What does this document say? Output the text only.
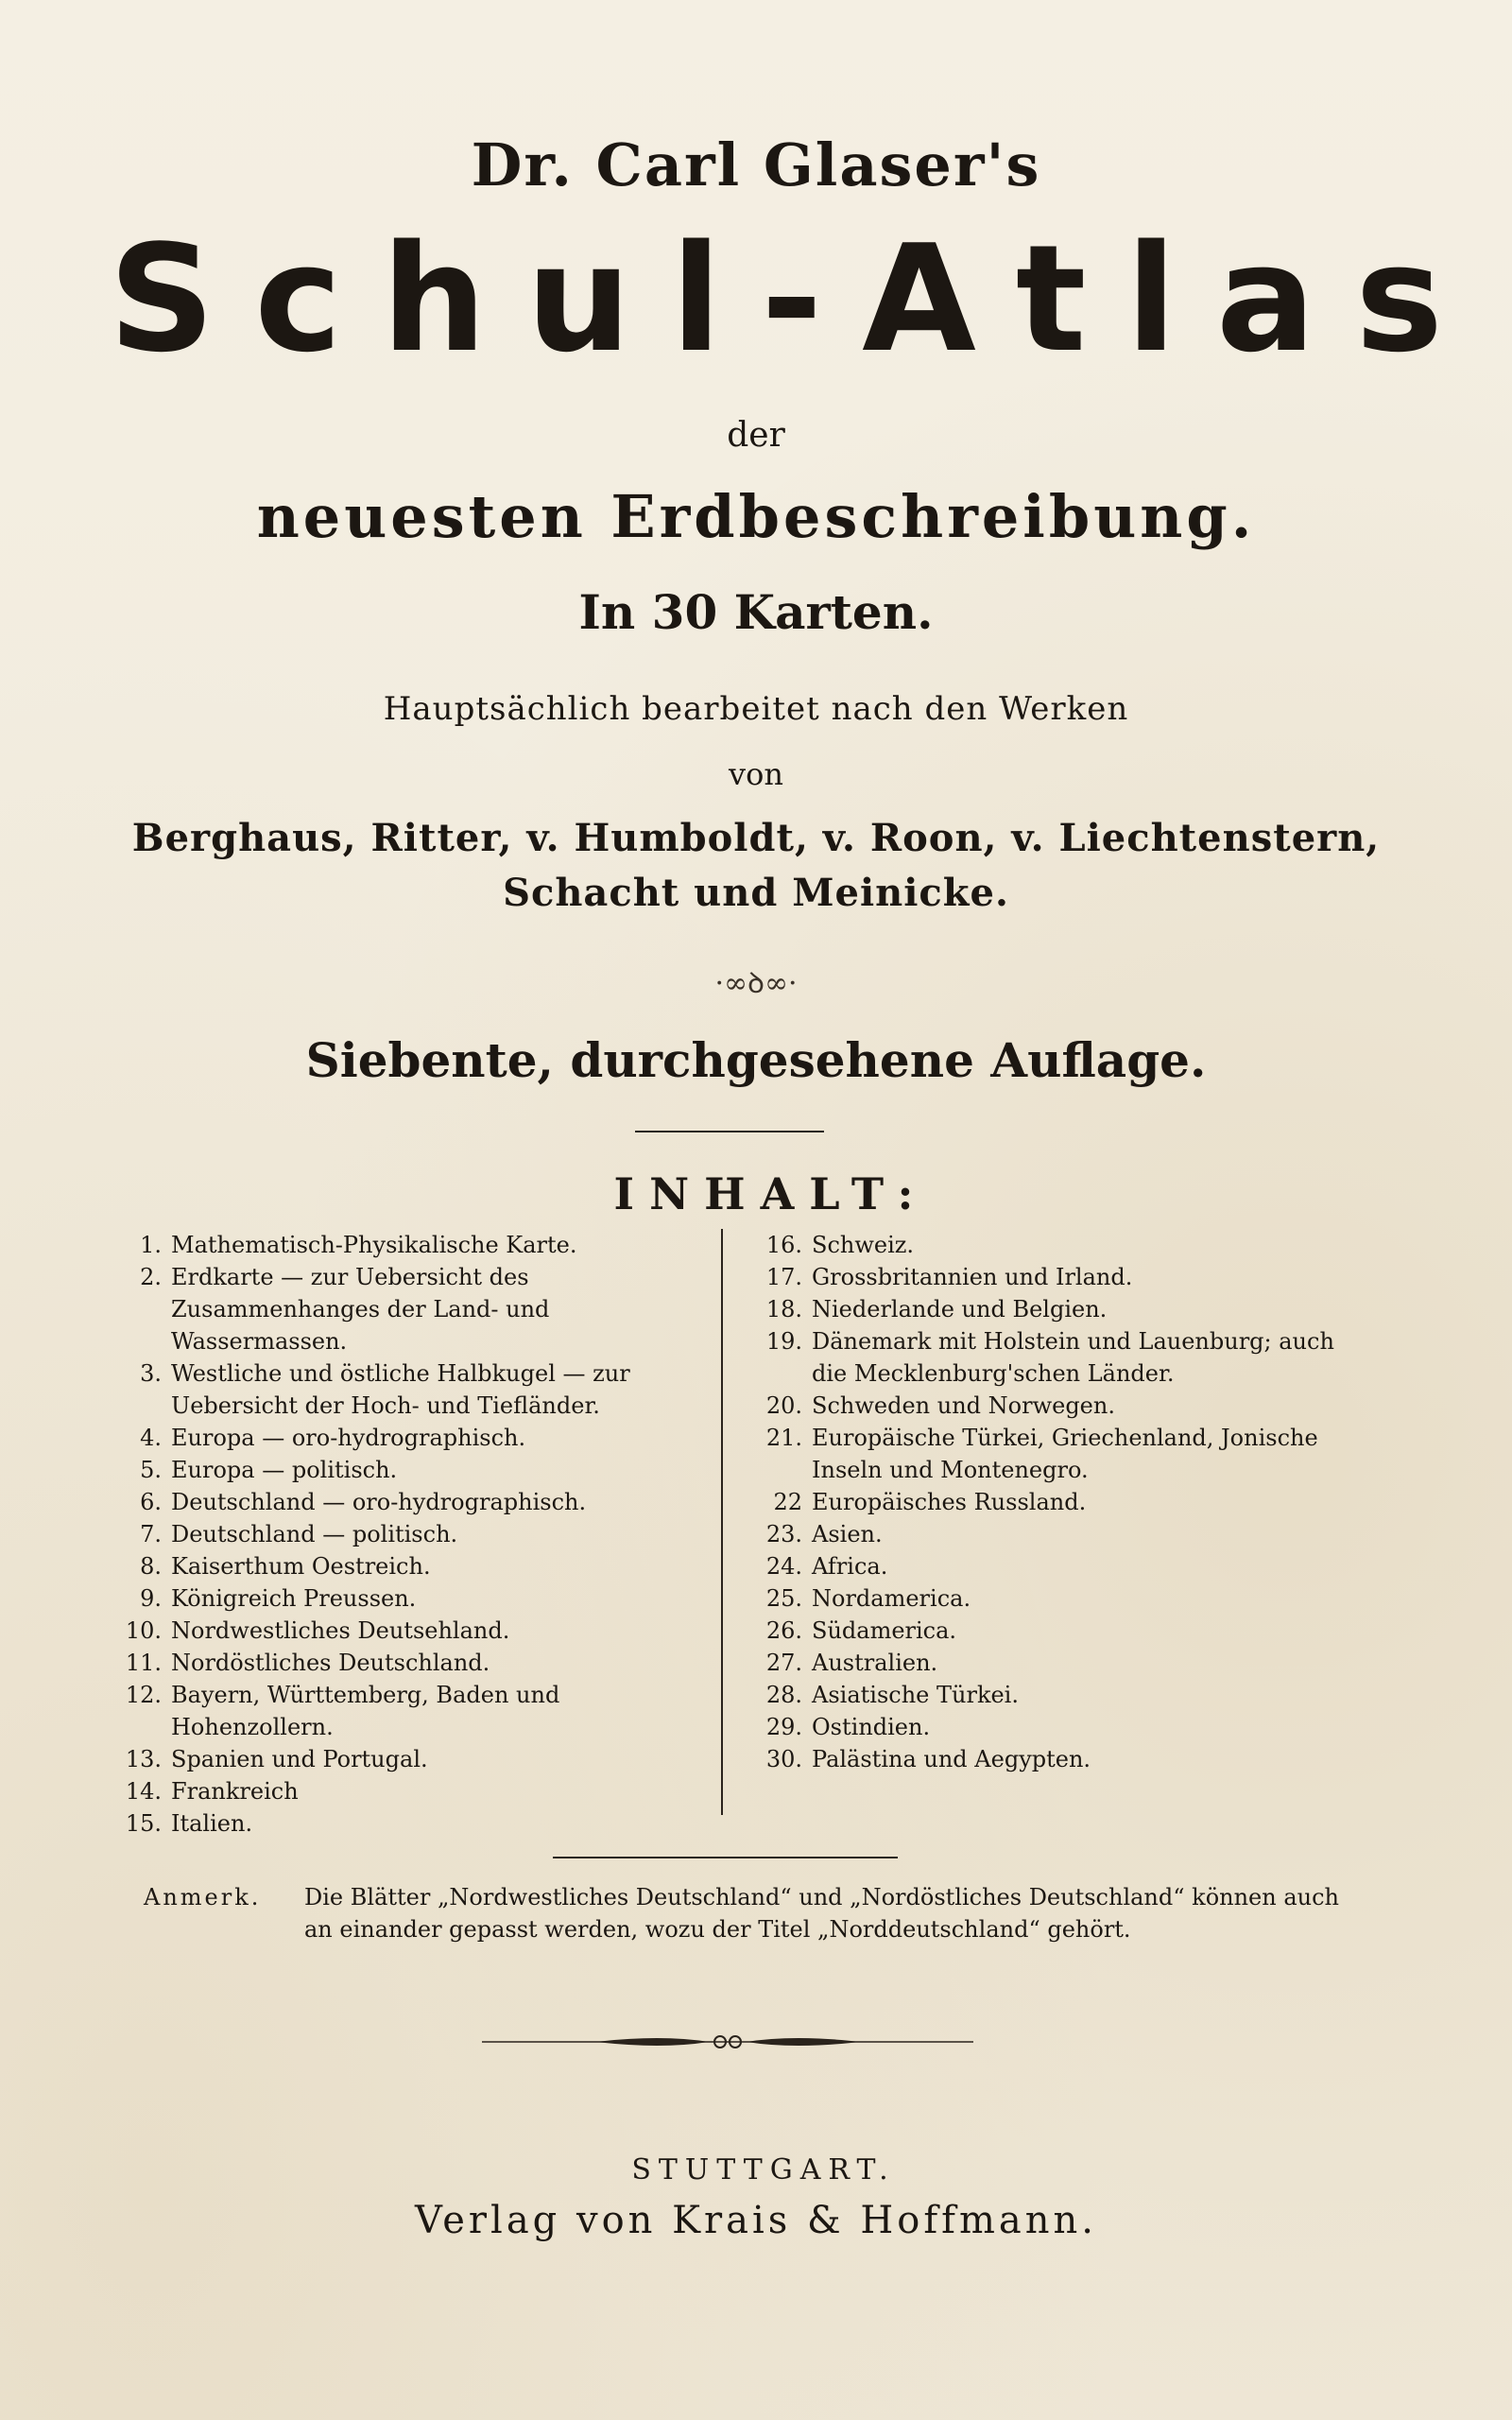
Dr. Carl Glaser's
Schul-Atlas
der
neuesten Erdbeschreibung.
In 30 Karten.
Hauptsächlich bearbeitet nach den Werken
von
Berghaus, Ritter, v. Humboldt, v. Roon, v. Liechtenstern, Schacht und Meinicke.
·∞ꝺ∞·
Siebente, durchgesehene Auflage.
INHALT:
1. Mathematisch-Physikalische Karte.
2. Erdkarte — zur Uebersicht des Zusammenhanges der Land- und Wassermassen.
3. Westliche und östliche Halbkugel — zur Uebersicht der Hoch- und Tiefländer.
4. Europa — oro-hydrographisch.
5. Europa — politisch.
6. Deutschland — oro-hydrographisch.
7. Deutschland — politisch.
8. Kaiserthum Oestreich.
9. Königreich Preussen.
10. Nordwestliches Deutsehland.
11. Nordöstliches Deutschland.
12. Bayern, Württemberg, Baden und Hohenzollern.
13. Spanien und Portugal.
14. Frankreich
15. Italien.
16. Schweiz.
17. Grossbritannien und Irland.
18. Niederlande und Belgien.
19. Dänemark mit Holstein und Lauenburg; auch die Mecklenburg'schen Länder.
20. Schweden und Norwegen.
21. Europäische Türkei, Griechenland, Jonische Inseln und Montenegro.
22 Europäisches Russland.
23. Asien.
24. Africa.
25. Nordamerica.
26. Südamerica.
27. Australien.
28. Asiatische Türkei.
29. Ostindien.
30. Palästina und Aegypten.
Anmerk.	Die Blätter „Nordwestliches Deutschland“ und „Nordöstliches Deutschland“ können auch an einander gepasst werden, wozu der Titel „Norddeutschland“ gehört.
STUTTGART.
Verlag von Krais & Hoffmann.
